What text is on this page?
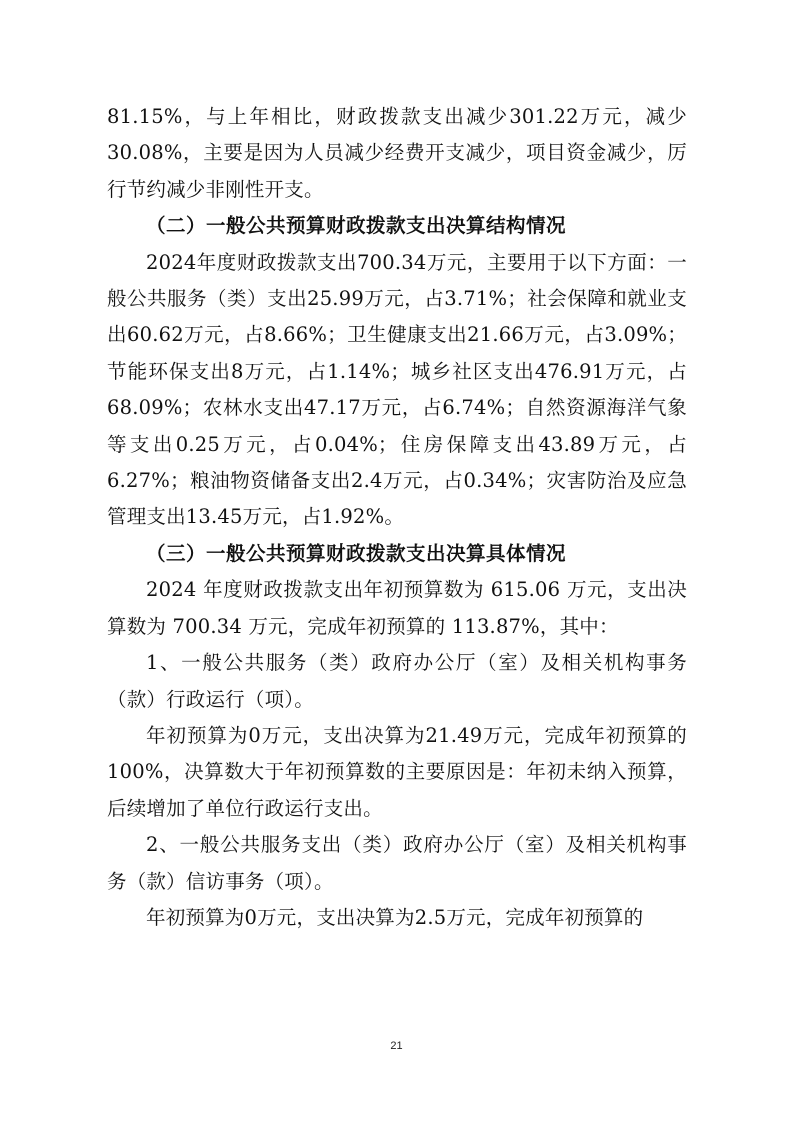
81.15%，与上年相比，财政拨款支出减少301.22万元，减少30.08%，主要是因为人员减少经费开支减少，项目资金减少，厉行节约减少非刚性开支。

（二）一般公共预算财政拨款支出决算结构情况

2024年度财政拨款支出700.34万元，主要用于以下方面：一般公共服务（类）支出25.99万元，占3.71%；社会保障和就业支出60.62万元，占8.66%；卫生健康支出21.66万元，占3.09%；节能环保支出8万元，占1.14%；城乡社区支出476.91万元，占68.09%；农林水支出47.17万元，占6.74%；自然资源海洋气象等支出0.25万元，占0.04%；住房保障支出43.89万元，占6.27%；粮油物资储备支出2.4万元，占0.34%；灾害防治及应急管理支出13.45万元，占1.92%。

（三）一般公共预算财政拨款支出决算具体情况

2024 年度财政拨款支出年初预算数为 615.06 万元，支出决算数为 700.34 万元，完成年初预算的 113.87%，其中：

1、一般公共服务（类）政府办公厅（室）及相关机构事务（款）行政运行（项）。

年初预算为0万元，支出决算为21.49万元，完成年初预算的100%，决算数大于年初预算数的主要原因是：年初未纳入预算，后续增加了单位行政运行支出。

2、一般公共服务支出（类）政府办公厅（室）及相关机构事务（款）信访事务（项）。

年初预算为0万元，支出决算为2.5万元，完成年初预算的

21
